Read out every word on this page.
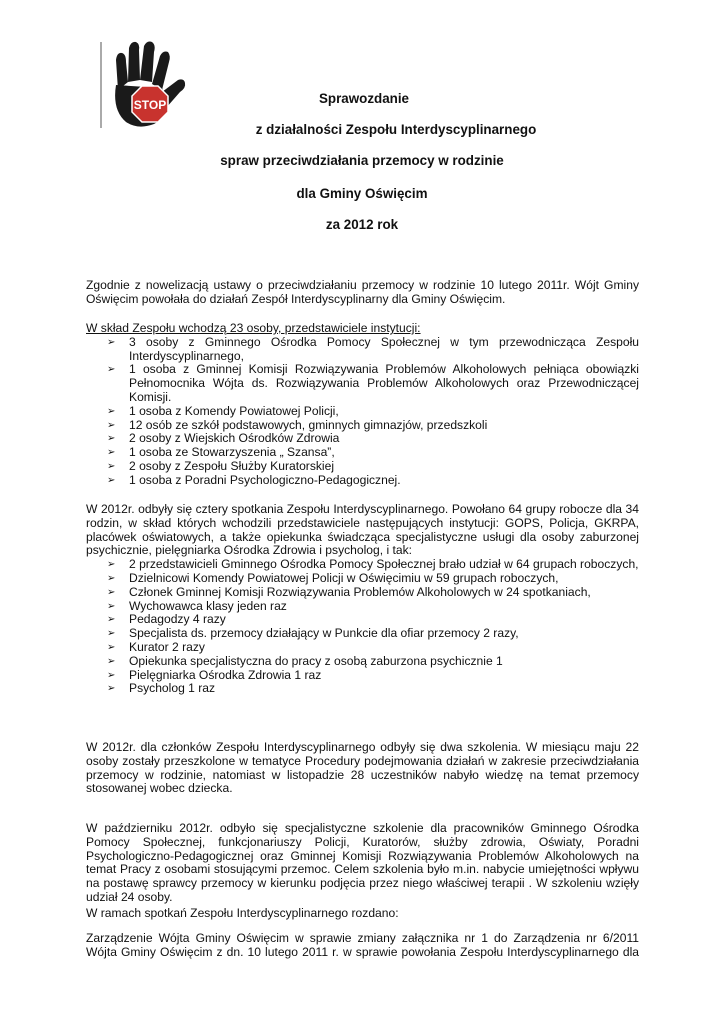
STOP	Sprawozdanie
z działalności Zespołu Interdyscyplinarnego
spraw przeciwdziałania przemocy w rodzinie
dla Gminy Oświęcim
za 2012 rok

Zgodnie z nowelizacją ustawy o przeciwdziałaniu przemocy w rodzinie 10 lutego 2011r. Wójt Gminy

Oświęcim powołała do działań Zespół Interdyscyplinarny dla Gminy Oświęcim.

W skład Zespołu wchodzą 23 osoby, przedstawiciele instytucji:

➢ 3 osoby z Gminnego Ośrodka Pomocy Społecznej w tym przewodnicząca Zespołu Interdyscyplinarnego,
➢ 1 osoba z Gminnej Komisji Rozwiązywania Problemów Alkoholowych pełniąca obowiązki Pełnomocnika Wójta ds. Rozwiązywania Problemów Alkoholowych oraz Przewodniczącej Komisji.
➢ 1 osoba z Komendy Powiatowej Policji,
➢ 12 osób ze szkół podstawowych, gminnych gimnazjów, przedszkoli
➢ 2 osoby z Wiejskich Ośrodków Zdrowia
➢ 1 osoba ze Stowarzyszenia „ Szansa”,
➢ 2 osoby z Zespołu Służby Kuratorskiej
➢ 1 osoba z Poradni Psychologiczno-Pedagogicznej.

W 2012r. odbyły się cztery spotkania Zespołu Interdyscyplinarnego. Powołano 64 grupy robocze dla 34 rodzin, w skład których wchodzili przedstawiciele następujących instytucji: GOPS, Policja, GKRPA, placówek oświatowych, a także opiekunka świadcząca specjalistyczne usługi dla osoby zaburzonej psychicznie, pielęgniarka Ośrodka Zdrowia i psycholog, i tak:

➢ 2 przedstawicieli Gminnego Ośrodka Pomocy Społecznej brało udział w 64 grupach roboczych,
➢ Dzielnicowi Komendy Powiatowej Policji w Oświęcimiu w 59 grupach roboczych,
➢ Członek Gminnej Komisji Rozwiązywania Problemów Alkoholowych w 24 spotkaniach,
➢ Wychowawca klasy jeden raz
➢ Pedagodzy 4 razy
➢ Specjalista ds. przemocy działający w Punkcie dla ofiar przemocy 2 razy,
➢ Kurator 2 razy
➢ Opiekunka specjalistyczna do pracy z osobą zaburzona psychicznie 1
➢ Pielęgniarka Ośrodka Zdrowia 1 raz
➢ Psycholog 1 raz
W 2012r. dla członków Zespołu Interdyscyplinarnego odbyły się dwa szkolenia. W miesiącu maju 22 osoby zostały przeszkolone w tematyce Procedury podejmowania działań w zakresie przeciwdziałania przemocy w rodzinie, natomiast w listopadzie 28 uczestników nabyło wiedzę na temat przemocy stosowanej wobec dziecka.
W październiku 2012r. odbyło się specjalistyczne szkolenie dla pracowników Gminnego Ośrodka Pomocy Społecznej, funkcjonariuszy Policji, Kuratorów, służby zdrowia, Oświaty, Poradni Psychologiczno-Pedagogicznej oraz Gminnej Komisji Rozwiązywania Problemów Alkoholowych na temat Pracy z osobami stosującymi przemoc. Celem szkolenia było m.in. nabycie umiejętności wpływu na postawę sprawcy przemocy w kierunku podjęcia przez niego właściwej terapii . W szkoleniu wzięły udział 24 osoby.
W ramach spotkań Zespołu Interdyscyplinarnego rozdano:

Zarządzenie Wójta Gminy Oświęcim w sprawie zmiany załącznika nr 1 do Zarządzenia nr 6/2011

Wójta Gminy Oświęcim z dn. 10 lutego 2011 r. w sprawie powołania Zespołu Interdyscyplinarnego dla
